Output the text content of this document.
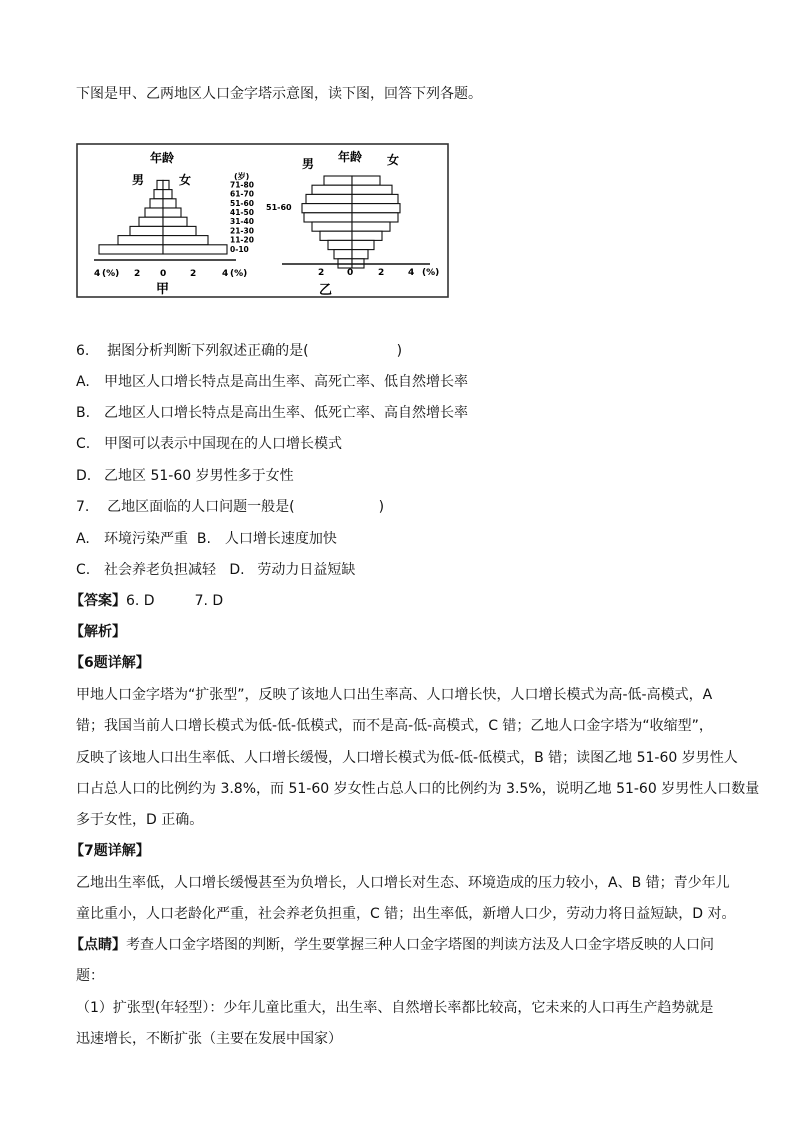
下图是甲、乙两地区人口金字塔示意图，读下图，回答下列各题。
年龄
男	女	(岁)
71-80
61-70
51-60
41-50
31-40
21-30
11-20
0-10
4 (%) 2 0	2	4 (%)
甲
男 年龄 女
51-60
2	0	2	4 (%)
乙
6. 据图分析判断下列叙述正确的是(	)
A. 甲地区人口增长特点是高出生率、高死亡率、低自然增长率
B. 乙地区人口增长特点是高出生率、低死亡率、高自然增长率
C. 甲图可以表示中国现在的人口增长模式
D. 乙地区 51-60 岁男性多于女性
7. 乙地区面临的人口问题一般是(	)
A. 环境污染严重 B. 人口增长速度加快
C. 社会养老负担减轻 D. 劳动力日益短缺
【答案】6. D	7. D
【解析】
【6题详解】
甲地人口金字塔为“扩张型”，反映了该地人口出生率高、人口增长快，人口增长模式为高-低-高模式，A
错；我国当前人口增长模式为低-低-低模式，而不是高-低-高模式，C 错；乙地人口金字塔为“收缩型”，
反映了该地人口出生率低、人口增长缓慢，人口增长模式为低-低-低模式，B 错；读图乙地 51-60 岁男性人
口占总人口的比例约为 3.8%，而 51-60 岁女性占总人口的比例约为 3.5%，说明乙地 51-60 岁男性人口数量
多于女性，D 正确。
【7题详解】
乙地出生率低，人口增长缓慢甚至为负增长，人口增长对生态、环境造成的压力较小，A、B 错；青少年儿
童比重小，人口老龄化严重，社会养老负担重，C 错；出生率低，新增人口少，劳动力将日益短缺，D 对。
【点睛】考查人口金字塔图的判断，学生要掌握三种人口金字塔图的判读方法及人口金字塔反映的人口问
题：
（1）扩张型(年轻型）：少年儿童比重大，出生率、自然增长率都比较高，它未来的人口再生产趋势就是
迅速增长，不断扩张（主要在发展中国家）
